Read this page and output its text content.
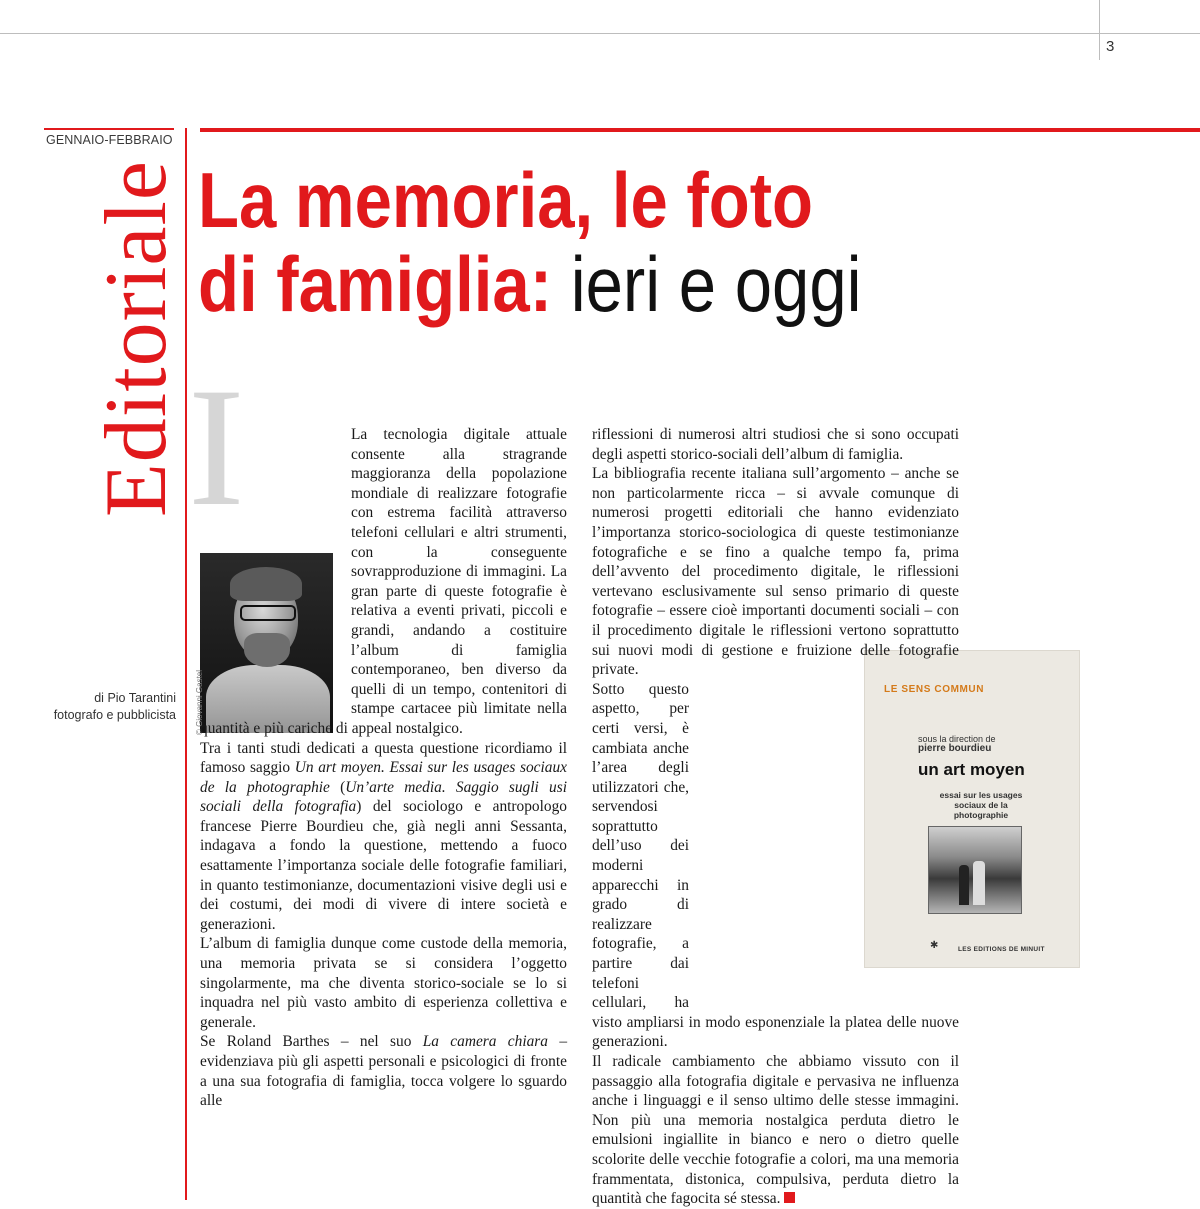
3
GENNAIO-FEBBRAIO
Editoriale
di Pio Tarantini
fotografo e pubblicista
La memoria, le foto
di famiglia: ieri e oggi
I	La tecnologia digitale attuale consente alla stragrande maggioranza della popolazione mondiale di realizzare fotografie con estrema facilità attraverso telefoni cellulari e altri strumenti, con la conseguente sovrapproduzione di immagini. La gran parte di queste fotografie è relativa a eventi privati, piccoli e grandi, andando a costituire l’album di famiglia contemporaneo, ben diverso da quelli di un tempo, contenitori di stampe cartacee più limitate nella quantità e più cariche di appeal nostalgico.

Tra i tanti studi dedicati a questa questione ricordiamo il famoso saggio Un art moyen. Essai sur les usages sociaux de la photographie (Un’arte media. Saggio sugli usi sociali della fotografia) del sociologo e antropologo francese Pierre Bourdieu che, già negli anni Sessanta, indagava a fondo la questione, mettendo a fuoco esattamente l’importanza sociale delle fotografie familiari, in quanto testimonianze, documentazioni visive degli usi e dei costumi, dei modi di vivere di intere società e generazioni.

L’album di famiglia dunque come custode della memoria, una memoria privata se si considera l’oggetto singolarmente, ma che diventa storico-sociale se lo si inquadra nel più vasto ambito di esperienza collettiva e generale.

Se Roland Barthes – nel suo La camera chiara – evidenziava più gli aspetti personali e psicologici di fronte a una sua fotografia di famiglia, tocca volgere lo sguardo alle

© Giovanni Gastel

riflessioni di numerosi altri studiosi che si sono occupati degli aspetti storico-sociali dell’album di famiglia.

La bibliografia recente italiana sull’argomento – anche se non particolarmente ricca – si avvale comunque di numerosi progetti editoriali che hanno evidenziato l’importanza storico-sociologica di queste testimonianze fotografiche e se fino a qualche tempo fa, prima dell’avvento del procedimento digitale, le riflessioni vertevano esclusivamente sul senso primario di queste fotografie – essere cioè importanti documenti sociali – con il procedimento digitale le riflessioni vertono soprattutto sui nuovi modi di gestione e fruizione delle fotografie private.

Sotto questo aspetto, per certi versi, è cambiata anche l’area degli utilizzatori che, servendosi soprattutto dell’uso dei moderni apparecchi in grado di realizzare fotografie, a partire dai telefoni cellulari, ha visto ampliarsi in modo esponenziale la platea delle nuove generazioni.

Il radicale cambiamento che abbiamo vissuto con il passaggio alla fotografia digitale e pervasiva ne influenza anche i linguaggi e il senso ultimo delle stesse immagini. Non più una memoria nostalgica perduta dietro le emulsioni ingiallite in bianco e nero o dietro quelle scolorite delle vecchie fotografie a colori, ma una memoria frammentata, distonica, compulsiva, perduta dietro la quantità che fagocita sé stessa.

LE SENS COMMUN
sous la direction de
pierre bourdieu
un art moyen
essai sur les usages sociaux de la photographie
✱	LES EDITIONS DE MINUIT
